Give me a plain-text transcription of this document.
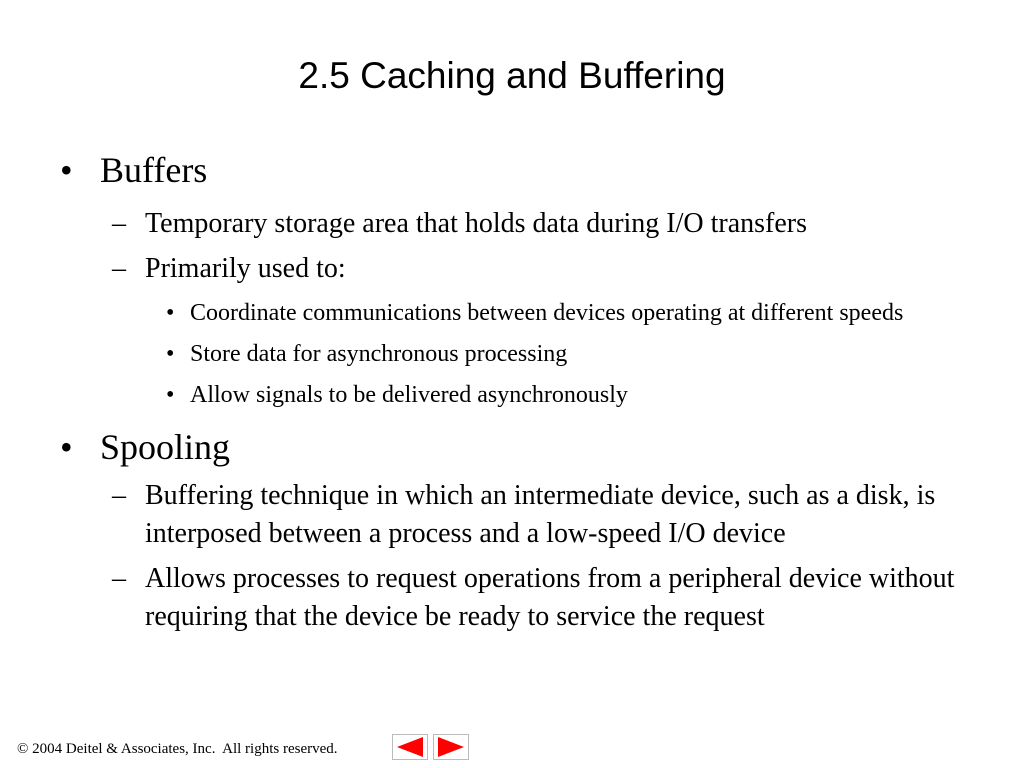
2.5 Caching and Buffering
• Buffers
– Temporary storage area that holds data during I/O transfers
– Primarily used to:
• Coordinate communications between devices operating at different speeds
• Store data for asynchronous processing
• Allow signals to be delivered asynchronously
• Spooling
– Buffering technique in which an intermediate device, such as a disk, is interposed between a process and a low-speed I/O device
– Allows processes to request operations from a peripheral device without requiring that the device be ready to service the request
© 2004 Deitel & Associates, Inc.  All rights reserved.
